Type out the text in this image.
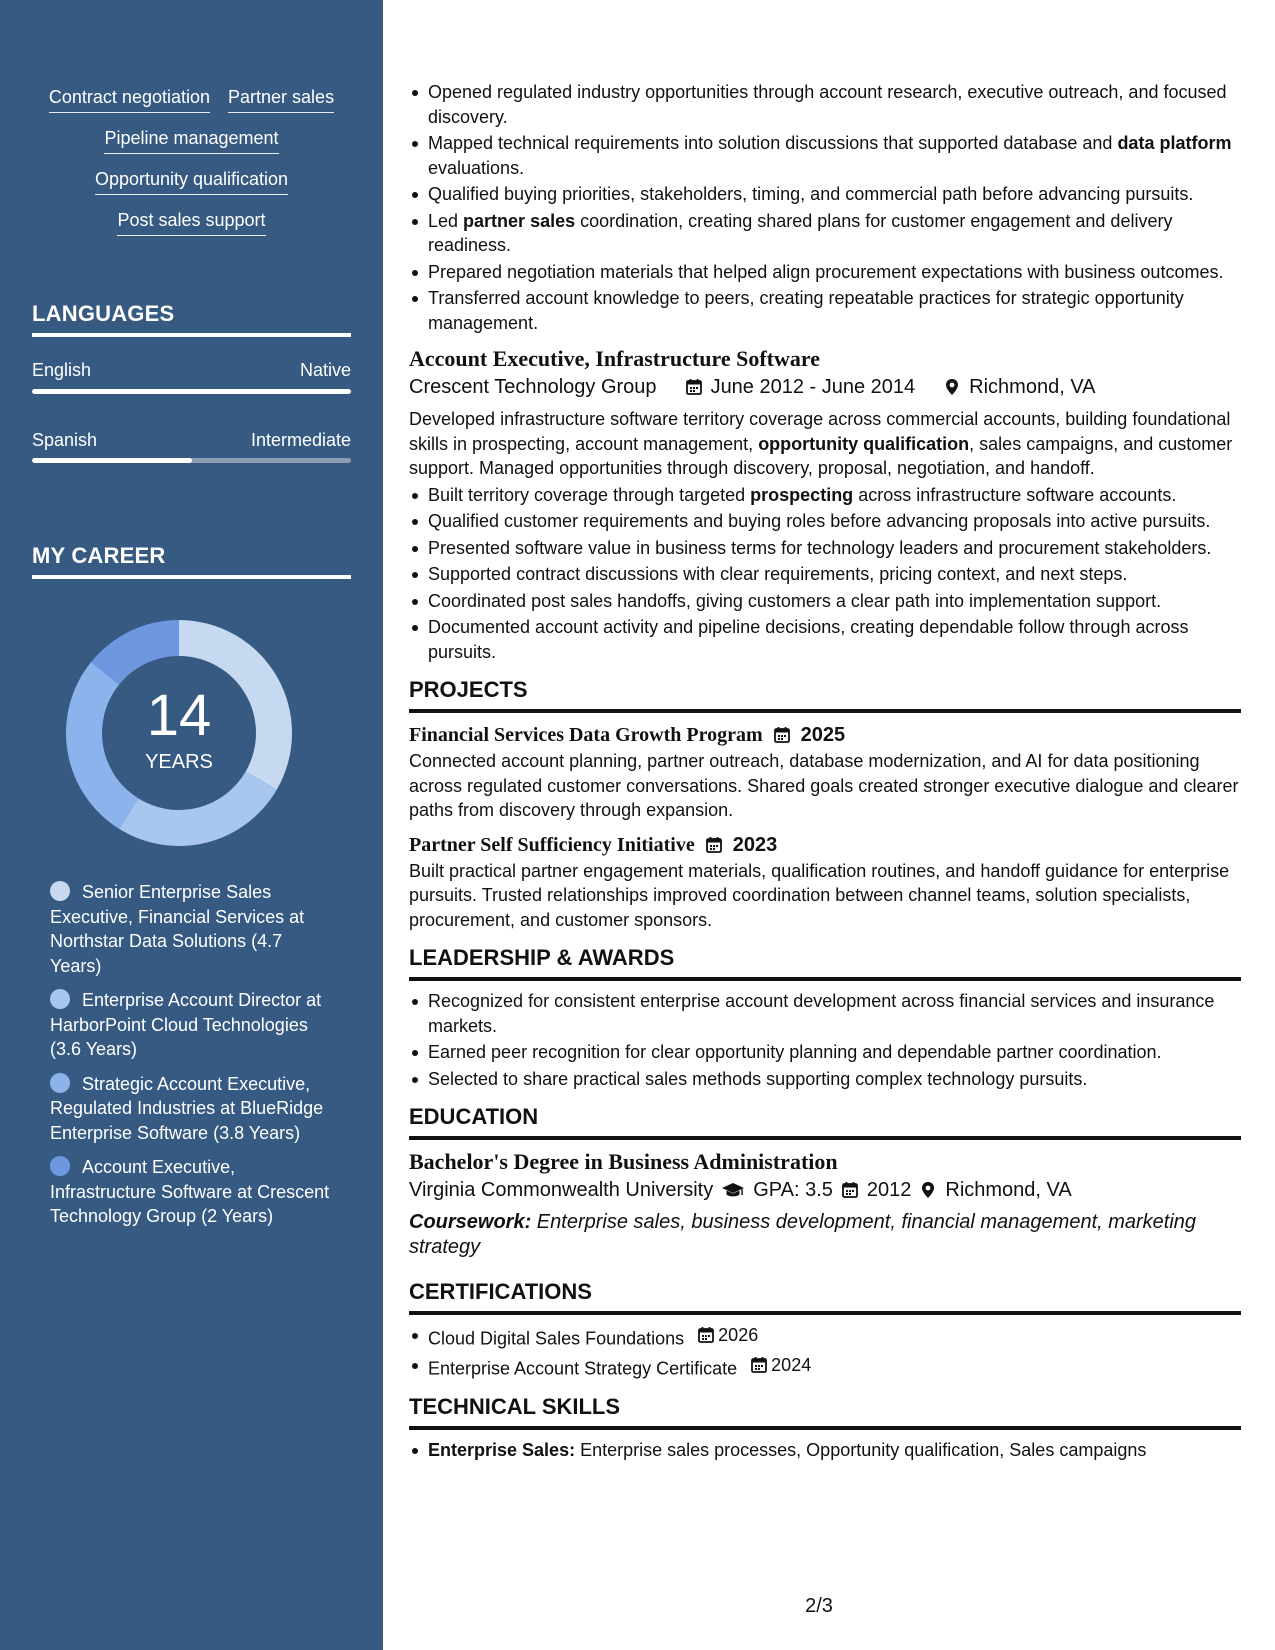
Contract negotiation Partner sales
Pipeline management
Opportunity qualification
Post sales support
LANGUAGES
English	Native
Spanish	Intermediate
MY CAREER
14
YEARS
Senior Enterprise Sales Executive, Financial Services at Northstar Data Solutions (4.7 Years)
Enterprise Account Director at HarborPoint Cloud Technologies (3.6 Years)
Strategic Account Executive, Regulated Industries at BlueRidge Enterprise Software (3.8 Years)
Account Executive, Infrastructure Software at Crescent Technology Group (2 Years)
Opened regulated industry opportunities through account research, executive outreach, and focused discovery.
Mapped technical requirements into solution discussions that supported database and data platform evaluations.
Qualified buying priorities, stakeholders, timing, and commercial path before advancing pursuits.
Led partner sales coordination, creating shared plans for customer engagement and delivery readiness.
Prepared negotiation materials that helped align procurement expectations with business outcomes.
Transferred account knowledge to peers, creating repeatable practices for strategic opportunity management.
Account Executive, Infrastructure Software
Crescent Technology Group	June 2012 - June 2014	Richmond, VA
Developed infrastructure software territory coverage across commercial accounts, building foundational skills in prospecting, account management, opportunity qualification, sales campaigns, and customer support. Managed opportunities through discovery, proposal, negotiation, and handoff.
Built territory coverage through targeted prospecting across infrastructure software accounts.
Qualified customer requirements and buying roles before advancing proposals into active pursuits.
Presented software value in business terms for technology leaders and procurement stakeholders.
Supported contract discussions with clear requirements, pricing context, and next steps.
Coordinated post sales handoffs, giving customers a clear path into implementation support.
Documented account activity and pipeline decisions, creating dependable follow through across pursuits.
PROJECTS
Financial Services Data Growth Program 2025
Connected account planning, partner outreach, database modernization, and AI for data positioning across regulated customer conversations. Shared goals created stronger executive dialogue and clearer paths from discovery through expansion.
Partner Self Sufficiency Initiative 2023
Built practical partner engagement materials, qualification routines, and handoff guidance for enterprise pursuits. Trusted relationships improved coordination between channel teams, solution specialists, procurement, and customer sponsors.
LEADERSHIP & AWARDS
Recognized for consistent enterprise account development across financial services and insurance markets.
Earned peer recognition for clear opportunity planning and dependable partner coordination.
Selected to share practical sales methods supporting complex technology pursuits.
EDUCATION
Bachelor's Degree in Business Administration
Virginia Commonwealth University GPA: 3.5 2012 Richmond, VA
Coursework: Enterprise sales, business development, financial management, marketing strategy
CERTIFICATIONS
Cloud Digital Sales Foundations 2026
Enterprise Account Strategy Certificate 2024
TECHNICAL SKILLS
Enterprise Sales: Enterprise sales processes, Opportunity qualification, Sales campaigns
2/3
